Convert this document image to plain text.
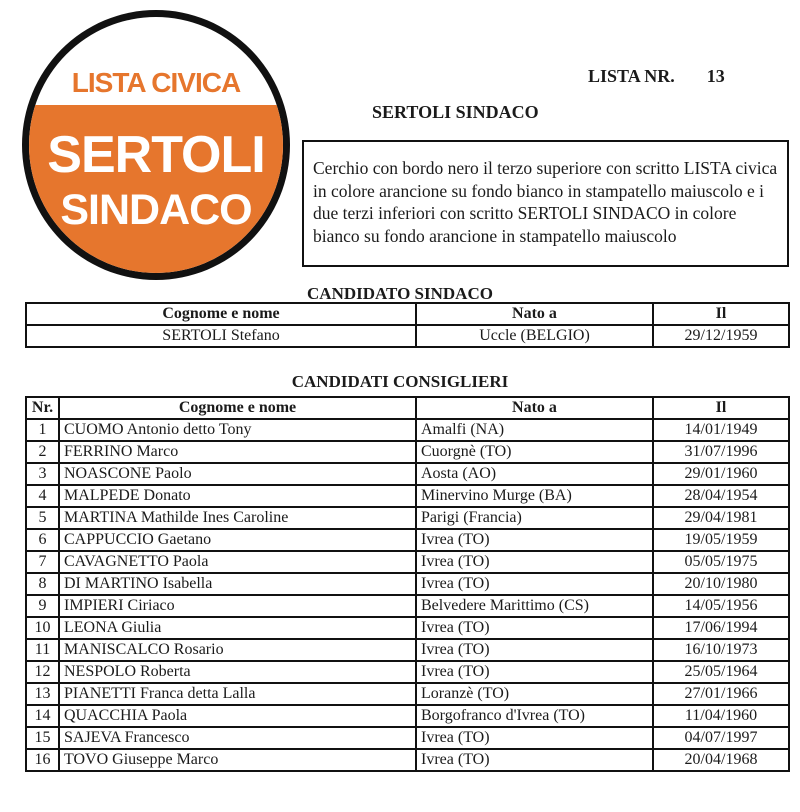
LISTA CIVICA
SERTOLI
SINDACO
LISTA NR. 13
SERTOLI SINDACO
Cerchio con bordo nero il terzo superiore con scritto LISTA civica in colore arancione su fondo bianco in stampatello maiuscolo e i due terzi inferiori con scritto SERTOLI SINDACO in colore bianco su fondo arancione in stampatello maiuscolo
CANDIDATO SINDACO
Cognome e nome	Nato a	Il
SERTOLI Stefano	Uccle (BELGIO)	29/12/1959
CANDIDATI CONSIGLIERI
Nr.	Cognome e nome	Nato a	Il
1	CUOMO Antonio detto Tony	Amalfi (NA)	14/01/1949
2	FERRINO Marco	Cuorgnè (TO)	31/07/1996
3	NOASCONE Paolo	Aosta (AO)	29/01/1960
4	MALPEDE Donato	Minervino Murge (BA)	28/04/1954
5	MARTINA Mathilde Ines Caroline	Parigi (Francia)	29/04/1981
6	CAPPUCCIO Gaetano	Ivrea (TO)	19/05/1959
7	CAVAGNETTO Paola	Ivrea (TO)	05/05/1975
8	DI MARTINO Isabella	Ivrea (TO)	20/10/1980
9	IMPIERI Ciriaco	Belvedere Marittimo (CS)	14/05/1956
10	LEONA Giulia	Ivrea (TO)	17/06/1994
11	MANISCALCO Rosario	Ivrea (TO)	16/10/1973
12	NESPOLO Roberta	Ivrea (TO)	25/05/1964
13	PIANETTI Franca detta Lalla	Loranzè (TO)	27/01/1966
14	QUACCHIA Paola	Borgofranco d'Ivrea (TO)	11/04/1960
15	SAJEVA Francesco	Ivrea (TO)	04/07/1997
16	TOVO Giuseppe Marco	Ivrea (TO)	20/04/1968
